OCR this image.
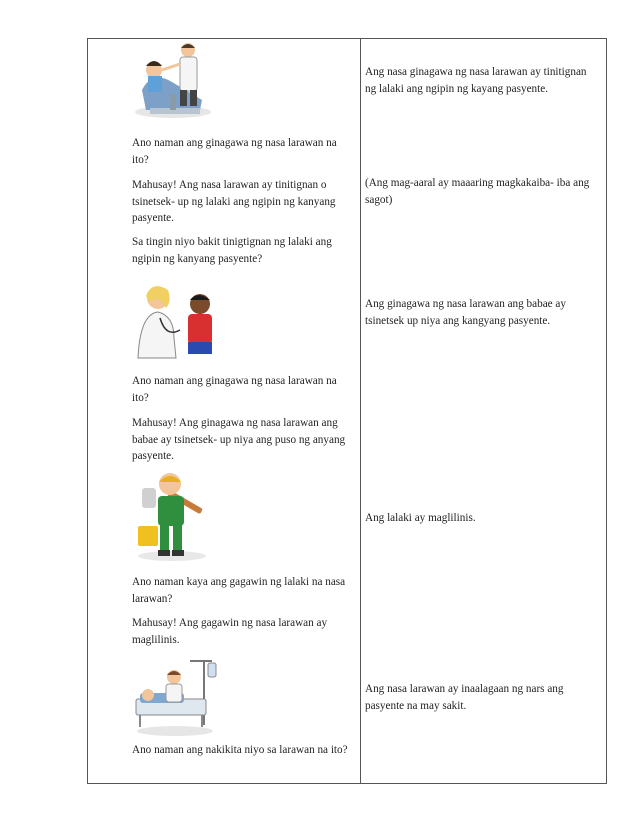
Ano naman ang ginagawa ng nasa larawan na ito?
Mahusay! Ang nasa larawan ay tinitignan o tsinetsek- up ng lalaki ang ngipin ng kanyang pasyente.
Sa tingin niyo bakit tinigtignan ng lalaki ang ngipin ng kanyang pasyente?
Ang nasa ginagawa ng nasa larawan ay tinitignan ng lalaki ang ngipin ng kayang pasyente.
(Ang mag-aaral ay maaaring magkakaiba- iba ang sagot)
Ano naman ang ginagawa ng nasa larawan na ito?
Mahusay! Ang ginagawa ng nasa larawan ang babae ay tsinetsek- up niya ang puso ng anyang pasyente.
Ang ginagawa ng nasa larawan ang babae ay tsinetsek up niya ang kangyang pasyente.
Ano naman kaya ang gagawin ng lalaki na nasa larawan?
Mahusay! Ang gagawin ng nasa larawan ay maglilinis.
Ang lalaki ay maglilinis.
Ano naman ang nakikita niyo sa larawan na ito?
Ang nasa larawan ay inaalagaan ng nars ang pasyente na may sakit.
